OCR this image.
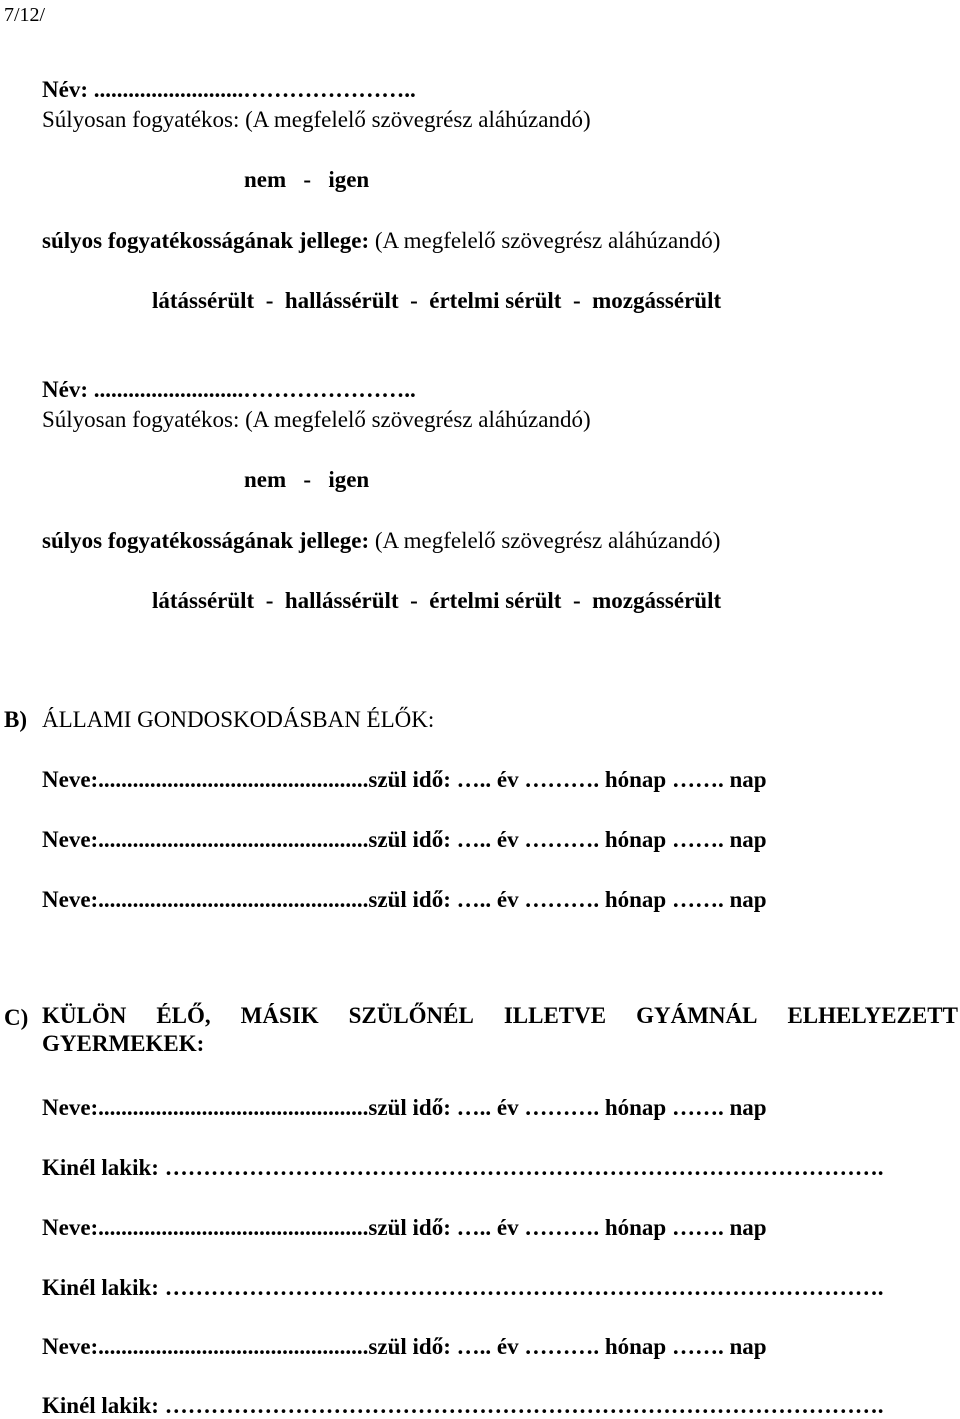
7/12/
Név: ..........................…………………..
Súlyosan fogyatékos: (A megfelelő szövegrész aláhúzandó)
nem   -   igen
súlyos fogyatékosságának jellege: (A megfelelő szövegrész aláhúzandó)
látássérült  -  hallássérült  -  értelmi sérült  -  mozgássérült
Név: ..........................…………………..
Súlyosan fogyatékos: (A megfelelő szövegrész aláhúzandó)
nem   -   igen
súlyos fogyatékosságának jellege: (A megfelelő szövegrész aláhúzandó)
látássérült  -  hallássérült  -  értelmi sérült  -  mozgássérült
B) ÁLLAMI GONDOSKODÁSBAN ÉLŐK:
Neve:...............................................szül idő: ….. év ………. hónap ……. nap
Neve:...............................................szül idő: ….. év ………. hónap ……. nap
Neve:...............................................szül idő: ….. év ………. hónap ……. nap
C) KÜLÖN ÉLŐ, MÁSIK SZÜLŐNÉL ILLETVE GYÁMNÁL ELHELYEZETT
GYERMEKEK:
Neve:...............................................szül idő: ….. év ………. hónap ……. nap
Kinél lakik: ………………………………………………………………………………….
Neve:...............................................szül idő: ….. év ………. hónap ……. nap
Kinél lakik: ………………………………………………………………………………….
Neve:...............................................szül idő: ….. év ………. hónap ……. nap
Kinél lakik: ………………………………………………………………………………….
